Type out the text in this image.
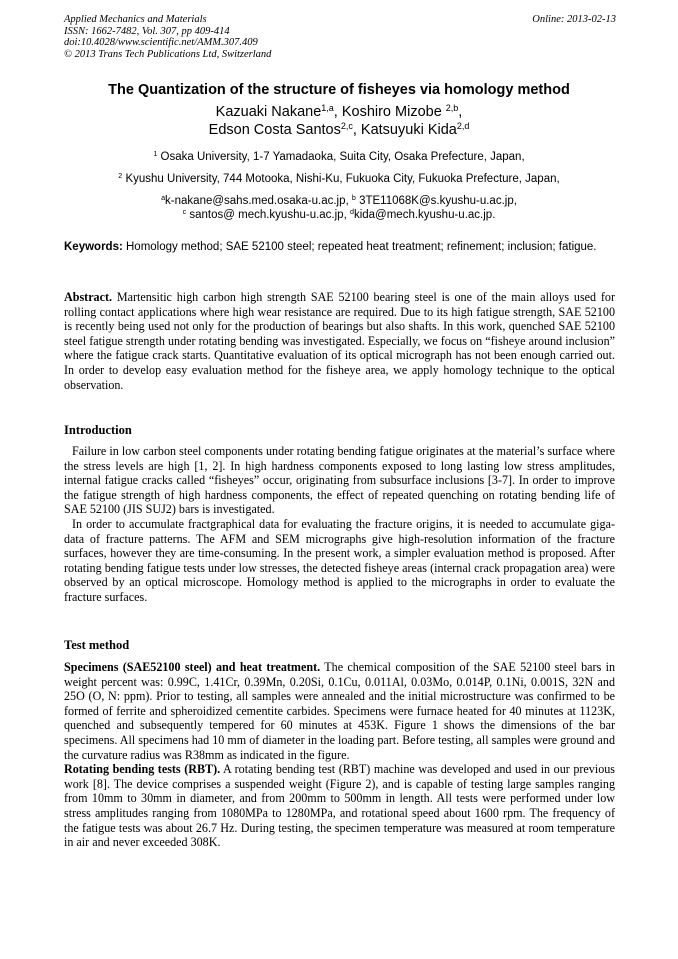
Applied Mechanics and Materials
ISSN: 1662-7482, Vol. 307, pp 409-414
doi:10.4028/www.scientific.net/AMM.307.409
© 2013 Trans Tech Publications Ltd, Switzerland
Online: 2013-02-13
The Quantization of the structure of fisheyes via homology method
Kazuaki Nakane$^{1,a}$, Koshiro Mizobe $^{2,b}$,
Edson Costa Santos$^{2,c}$, Katsuyuki Kida$^{2,d}$
$^1$ Osaka University, 1-7 Yamadaoka, Suita City, Osaka Prefecture, Japan,
$^2$ Kyushu University, 744 Motooka, Nishi-Ku, Fukuoka City, Fukuoka Prefecture, Japan,
$^a$k-nakane@sahs.med.osaka-u.ac.jp, $^b$ 3TE11068K@s.kyushu-u.ac.jp,
$^c$ santos@ mech.kyushu-u.ac.jp, $^d$kida@mech.kyushu-u.ac.jp.
Keywords: Homology method; SAE 52100 steel; repeated heat treatment; refinement; inclusion; fatigue.
Abstract. Martensitic high carbon high strength SAE 52100 bearing steel is one of the main alloys used for rolling contact applications where high wear resistance are required. Due to its high fatigue strength, SAE 52100 is recently being used not only for the production of bearings but also shafts. In this work, quenched SAE 52100 steel fatigue strength under rotating bending was investigated. Especially, we focus on “fisheye around inclusion” where the fatigue crack starts. Quantitative evaluation of its optical micrograph has not been enough carried out. In order to develop easy evaluation method for the fisheye area, we apply homology technique to the optical observation.
Introduction

Failure in low carbon steel components under rotating bending fatigue originates at the material’s surface where the stress levels are high [1, 2]. In high hardness components exposed to long lasting low stress amplitudes, internal fatigue cracks called “fisheyes” occur, originating from subsurface inclusions [3-7]. In order to improve the fatigue strength of high hardness components, the effect of repeated quenching on rotating bending life of SAE 52100 (JIS SUJ2) bars is investigated.

In order to accumulate fractgraphical data for evaluating the fracture origins, it is needed to accumulate giga-data of fracture patterns. The AFM and SEM micrographs give high-resolution information of the fracture surfaces, however they are time-consuming. In the present work, a simpler evaluation method is proposed. After rotating bending fatigue tests under low stresses, the detected fisheye areas (internal crack propagation area) were observed by an optical microscope. Homology method is applied to the micrographs in order to evaluate the fracture surfaces.

Test method

Specimens (SAE52100 steel) and heat treatment. The chemical composition of the SAE 52100 steel bars in weight percent was: 0.99C, 1.41Cr, 0.39Mn, 0.20Si, 0.1Cu, 0.011Al, 0.03Mo, 0.014P, 0.1Ni, 0.001S, 32N and 25O (O, N: ppm). Prior to testing, all samples were annealed and the initial microstructure was confirmed to be formed of ferrite and spheroidized cementite carbides. Specimens were furnace heated for 40 minutes at 1123K, quenched and subsequently tempered for 60 minutes at 453K. Figure 1 shows the dimensions of the bar specimens. All specimens had 10 mm of diameter in the loading part. Before testing, all samples were ground and the curvature radius was R38mm as indicated in the figure.

Rotating bending tests (RBT). A rotating bending test (RBT) machine was developed and used in our previous work [8]. The device comprises a suspended weight (Figure 2), and is capable of testing large samples ranging from 10mm to 30mm in diameter, and from 200mm to 500mm in length. All tests were performed under low stress amplitudes ranging from 1080MPa to 1280MPa, and rotational speed about 1600 rpm. The frequency of the fatigue tests was about 26.7 Hz. During testing, the specimen temperature was measured at room temperature in air and never exceeded 308K.
